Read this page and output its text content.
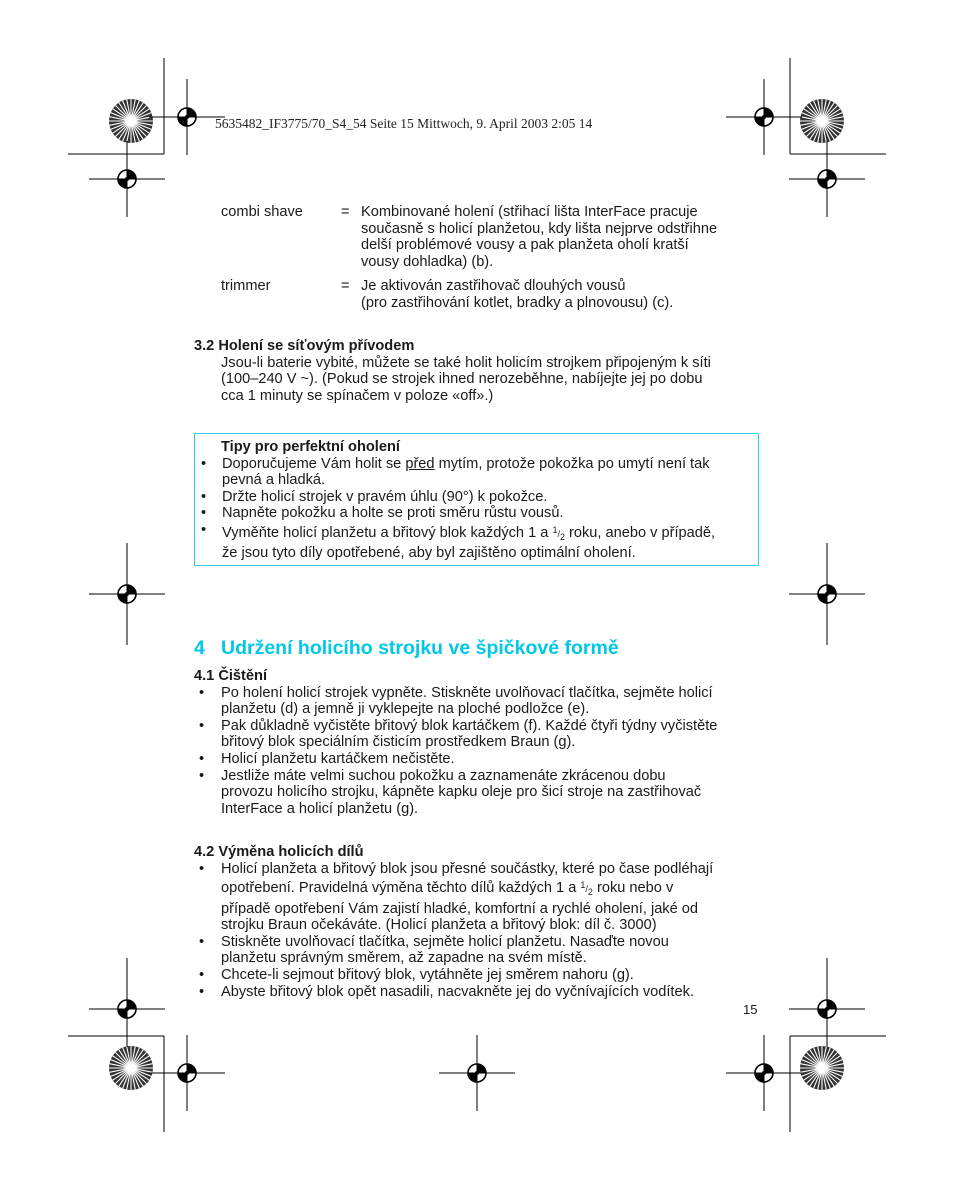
5635482_IF3775/70_S4_54 Seite 15 Mittwoch, 9. April 2003 2:05 14
combi shave	= Kombinované holení (střihací lišta InterFace pracuje
současně s holicí planžetou, kdy lišta nejprve odstřihne
delší problémové vousy a pak planžeta oholí kratší
vousy dohladka) (b).
trimmer	= Je aktivován zastřihovač dlouhých vousů
(pro zastřihování kotlet, bradky a plnovousu) (c).
3.2 Holení se síťovým přívodem
Jsou-li baterie vybité, můžete se také holit holicím strojkem připojeným k síti
(100–240 V ~). (Pokud se strojek ihned nerozeběhne, nabíjejte jej po dobu
cca 1 minuty se spínačem v poloze «off».)
Tipy pro perfektní oholení
• Doporučujeme Vám holit se před mytím, protože pokožka po umytí není tak
pevná a hladká.
• Držte holicí strojek v pravém úhlu (90°) k pokožce.
• Napněte pokožku a holte se proti směru růstu vousů.
• Vyměňte holicí planžetu a břitový blok každých 1 a $^1/_2$ roku, anebo v případě,
že jsou tyto díly opotřebené, aby byl zajištěno optimální oholení.
4 Udržení holicího strojku ve špičkové formě
4.1 Čištění
• Po holení holicí strojek vypněte. Stiskněte uvolňovací tlačítka, sejměte holicí
planžetu (d) a jemně ji vyklepejte na ploché podložce (e).
• Pak důkladně vyčistěte břitový blok kartáčkem (f). Každé čtyři týdny vyčistěte
břitový blok speciálním čisticím prostředkem Braun (g).
• Holicí planžetu kartáčkem nečistěte.
• Jestliže máte velmi suchou pokožku a zaznamenáte zkrácenou dobu
provozu holicího strojku, kápněte kapku oleje pro šicí stroje na zastřihovač
InterFace a holicí planžetu (g).
4.2 Výměna holicích dílů
• Holicí planžeta a břitový blok jsou přesné součástky, které po čase podléhají
opotřebení. Pravidelná výměna těchto dílů každých 1 a $^1/_2$ roku nebo v
případě opotřebení Vám zajistí hladké, komfortní a rychlé oholení, jaké od
strojku Braun očekáváte. (Holicí planžeta a břitový blok: díl č. 3000)
• Stiskněte uvolňovací tlačítka, sejměte holicí planžetu. Nasaďte novou
planžetu správným směrem, až zapadne na svém místě.
• Chcete-li sejmout břitový blok, vytáhněte jej směrem nahoru (g).
• Abyste břitový blok opět nasadili, nacvakněte jej do vyčnívajících vodítek.
15
